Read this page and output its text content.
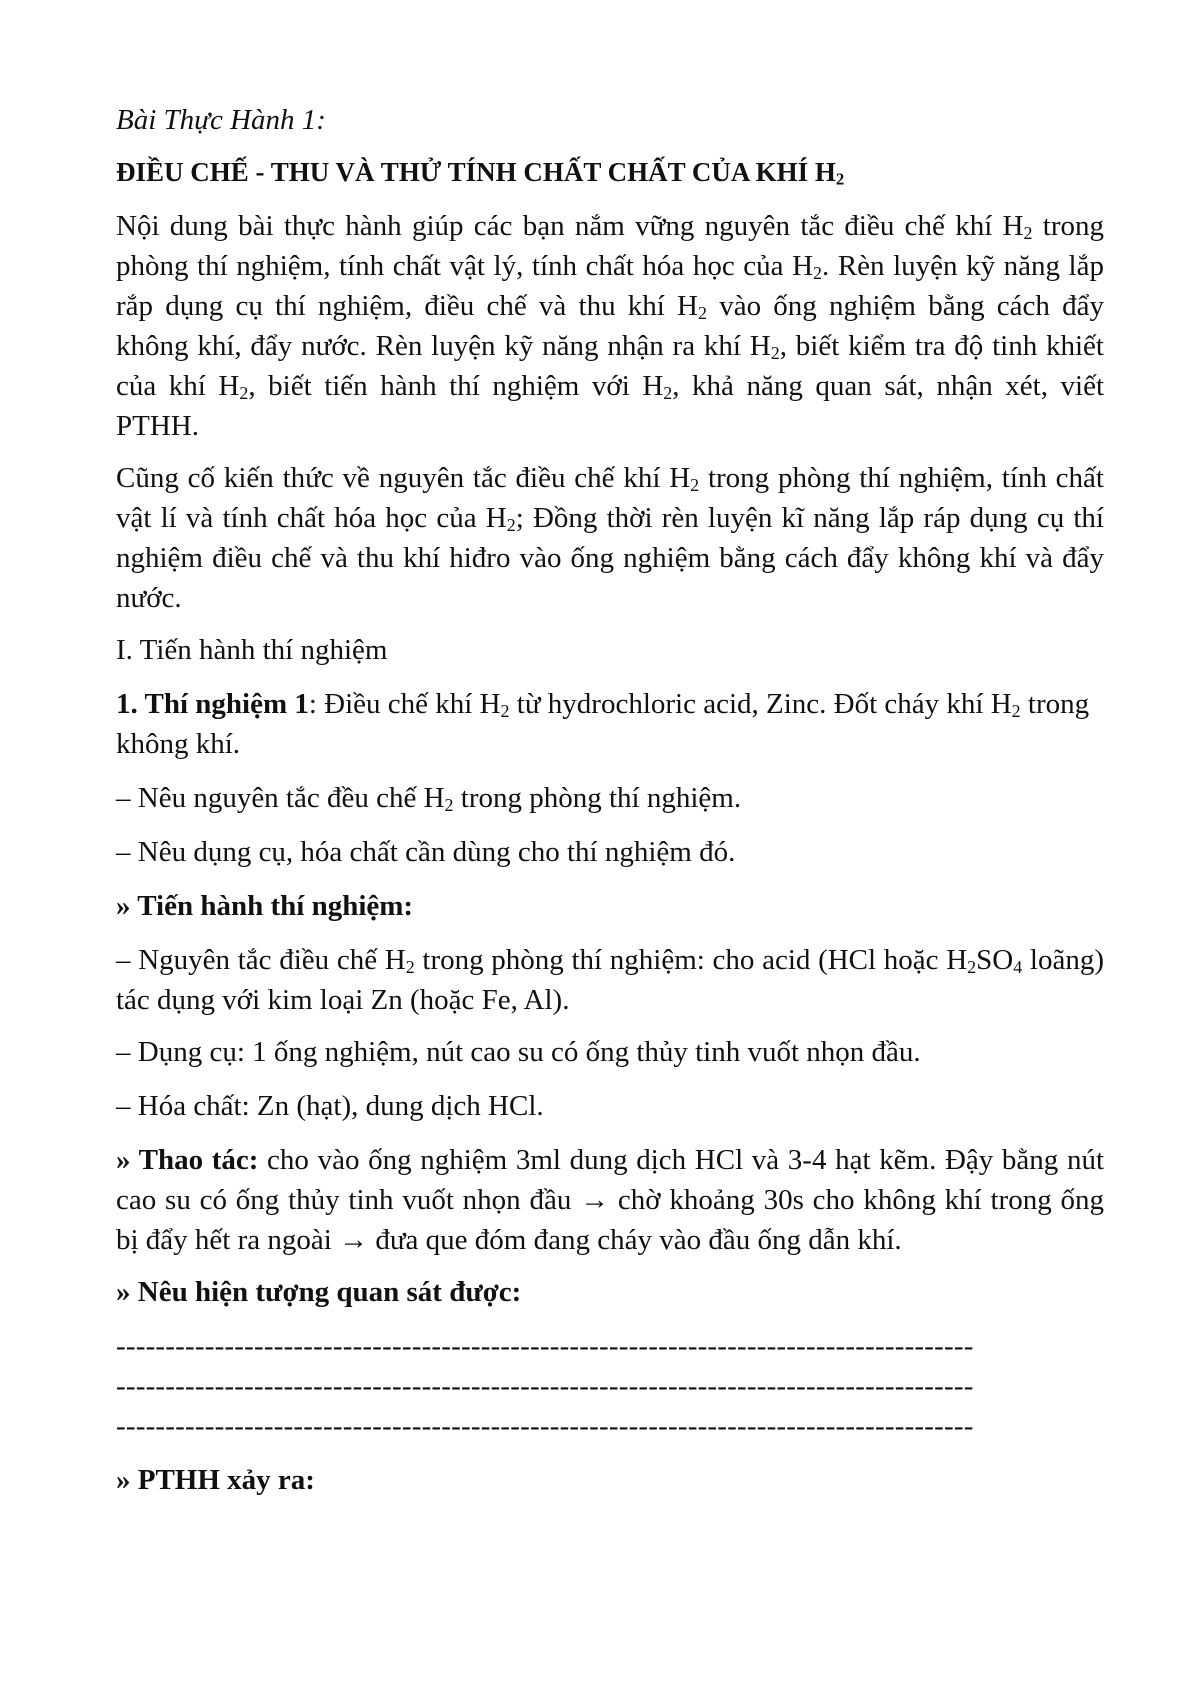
Bài Thực Hành 1:

ĐIỀU CHẾ - THU VÀ THỬ TÍNH CHẤT CHẤT CỦA KHÍ $H_2$

Nội dung bài thực hành giúp các bạn nắm vững nguyên tắc điều chế khí $H_2$ trong phòng thí nghiệm, tính chất vật lý, tính chất hóa học của $H_2$. Rèn luyện kỹ năng lắp rắp dụng cụ thí nghiệm, điều chế và thu khí $H_2$ vào ống nghiệm bằng cách đẩy không khí, đẩy nước. Rèn luyện kỹ năng nhận ra khí $H_2$, biết kiểm tra độ tinh khiết của khí $H_2$, biết tiến hành thí nghiệm với $H_2$, khả năng quan sát, nhận xét, viết PTHH.

Cũng cố kiến thức về nguyên tắc điều chế khí $H_2$ trong phòng thí nghiệm, tính chất vật lí và tính chất hóa học của $H_2$; Đồng thời rèn luyện kĩ năng lắp ráp dụng cụ thí nghiệm điều chế và thu khí hiđro vào ống nghiệm bằng cách đẩy không khí và đẩy nước.

I. Tiến hành thí nghiệm

1. Thí nghiệm 1: Điều chế khí $H_2$ từ hydrochloric acid, Zinc. Đốt cháy khí $H_2$ trong không khí.

– Nêu nguyên tắc đều chế $H_2$ trong phòng thí nghiệm.

– Nêu dụng cụ, hóa chất cần dùng cho thí nghiệm đó.

» Tiến hành thí nghiệm:

– Nguyên tắc điều chế $H_2$ trong phòng thí nghiệm: cho acid (HCl hoặc $H_2SO_4$ loãng) tác dụng với kim loại Zn (hoặc Fe, Al).

– Dụng cụ: 1 ống nghiệm, nút cao su có ống thủy tinh vuốt nhọn đầu.

– Hóa chất: Zn (hạt), dung dịch HCl.

» Thao tác: cho vào ống nghiệm 3ml dung dịch HCl và 3-4 hạt kẽm. Đậy bằng nút cao su có ống thủy tinh vuốt nhọn đầu → chờ khoảng 30s cho không khí trong ống bị đẩy hết ra ngoài → đưa que đóm đang cháy vào đầu ống dẫn khí.

» Nêu hiện tượng quan sát được:

---------------------------------------------------------------------------------------

---------------------------------------------------------------------------------------

---------------------------------------------------------------------------------------

» PTHH xảy ra:
